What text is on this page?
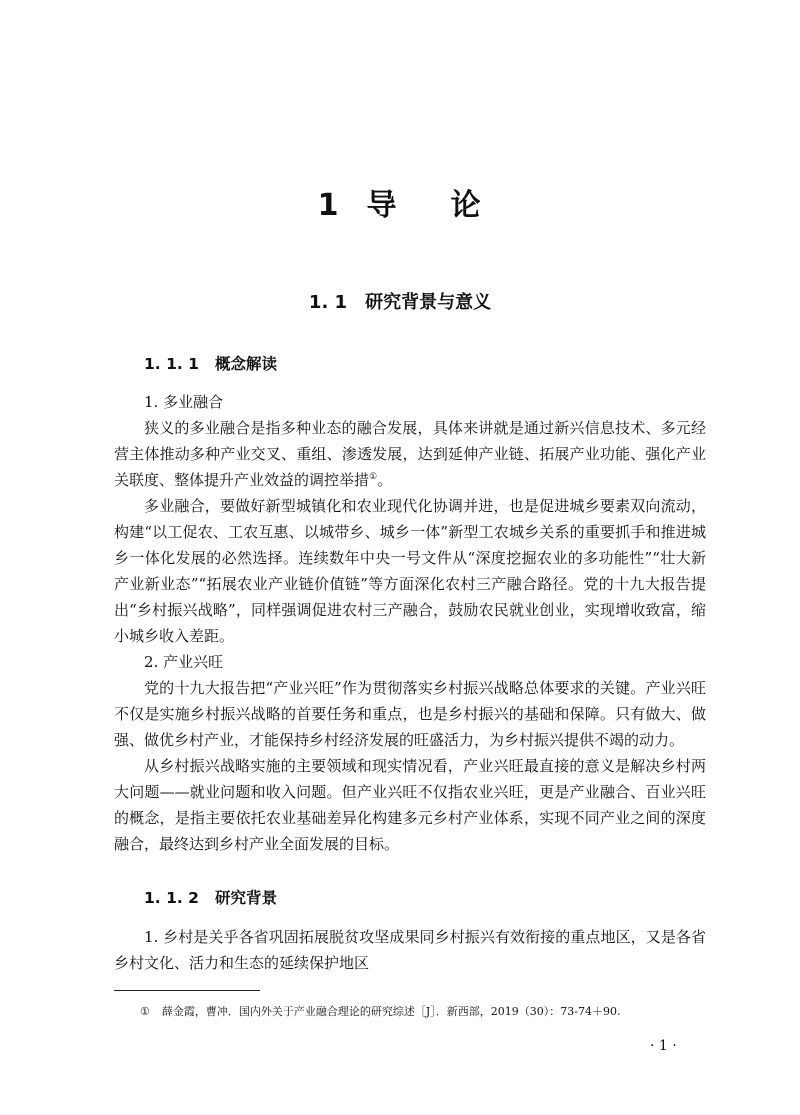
1 导 论
1. 1 研究背景与意义
1. 1. 1 概念解读

1. 多业融合

狭义的多业融合是指多种业态的融合发展，具体来讲就是通过新兴信息技术、多元经营主体推动多种产业交叉、重组、渗透发展，达到延伸产业链、拓展产业功能、强化产业关联度、整体提升产业效益的调控举措①。

多业融合，要做好新型城镇化和农业现代化协调并进，也是促进城乡要素双向流动，构建“以工促农、工农互惠、以城带乡、城乡一体”新型工农城乡关系的重要抓手和推进城乡一体化发展的必然选择。连续数年中央一号文件从“深度挖掘农业的多功能性”“壮大新产业新业态”“拓展农业产业链价值链”等方面深化农村三产融合路径。党的十九大报告提出“乡村振兴战略”，同样强调促进农村三产融合，鼓励农民就业创业，实现增收致富，缩小城乡收入差距。

2. 产业兴旺

党的十九大报告把“产业兴旺”作为贯彻落实乡村振兴战略总体要求的关键。产业兴旺不仅是实施乡村振兴战略的首要任务和重点，也是乡村振兴的基础和保障。只有做大、做强、做优乡村产业，才能保持乡村经济发展的旺盛活力，为乡村振兴提供不竭的动力。

从乡村振兴战略实施的主要领域和现实情况看，产业兴旺最直接的意义是解决乡村两大问题——就业问题和收入问题。但产业兴旺不仅指农业兴旺，更是产业融合、百业兴旺的概念，是指主要依托农业基础差异化构建多元乡村产业体系，实现不同产业之间的深度融合，最终达到乡村产业全面发展的目标。

1. 1. 2 研究背景

1. 乡村是关乎各省巩固拓展脱贫攻坚成果同乡村振兴有效衔接的重点地区，又是各省乡村文化、活力和生态的延续保护地区

① 薛金霞，曹冲．国内外关于产业融合理论的研究综述［J］．新西部，2019（30）：73-74＋90.
· 1 ·
